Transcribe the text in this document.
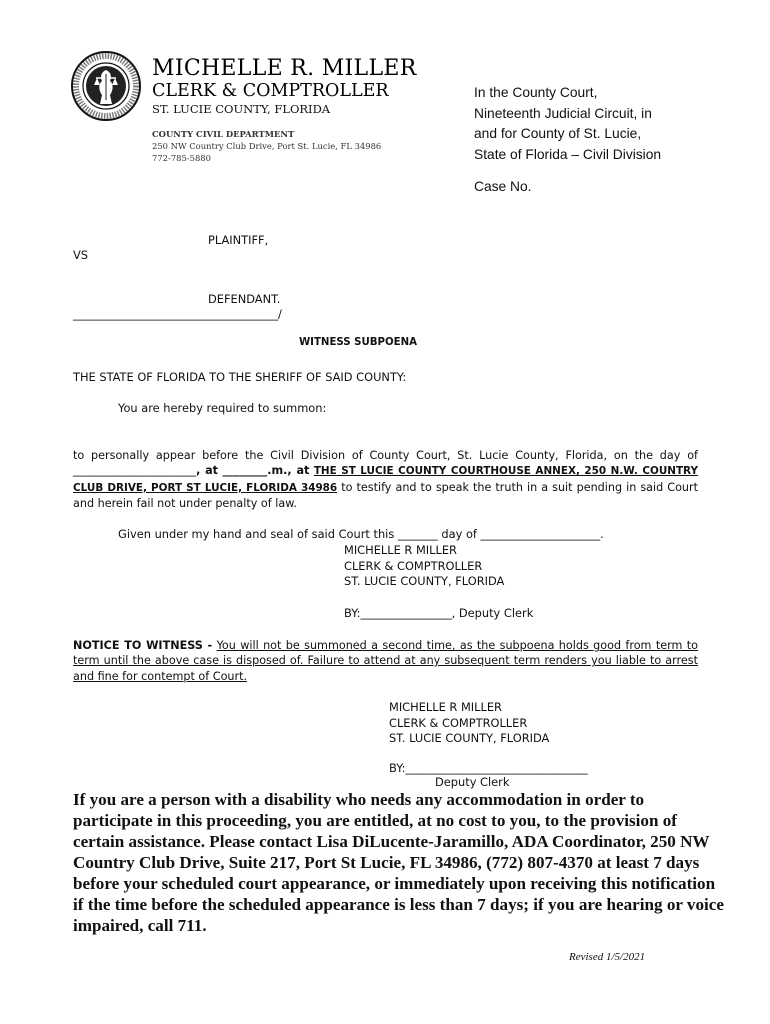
MICHELLE R. MILLER
CLERK & COMPTROLLER
ST. LUCIE COUNTY, FLORIDA
COUNTY CIVIL DEPARTMENT
250 NW Country Club Drive, Port St. Lucie, FL 34986
772-785-5880
In the County Court,
Nineteenth Judicial Circuit, in
and for County of St. Lucie,
State of Florida – Civil Division
Case No.
PLAINTIFF,
VS
DEFENDANT.
____________________________________/
WITNESS SUBPOENA
THE STATE OF FLORIDA TO THE SHERIFF OF SAID COUNTY:
You are hereby required to summon:
to personally appear before the Civil Division of County Court, St. Lucie County, Florida, on the day of ______________________, at ________.m., at THE ST LUCIE COUNTY COURTHOUSE ANNEX, 250 N.W. COUNTRY CLUB DRIVE, PORT ST LUCIE, FLORIDA 34986 to testify and to speak the truth in a suit pending in said Court and herein fail not under penalty of law.
Given under my hand and seal of said Court this _______ day of _____________________.
MICHELLE R MILLER
CLERK & COMPTROLLER
ST. LUCIE COUNTY, FLORIDA
BY:________________, Deputy Clerk
NOTICE TO WITNESS - You will not be summoned a second time, as the subpoena holds good from term to term until the above case is disposed of. Failure to attend at any subsequent term renders you liable to arrest and fine for contempt of Court.
MICHELLE R MILLER
CLERK & COMPTROLLER
ST. LUCIE COUNTY, FLORIDA
BY:________________________________
Deputy Clerk
If you are a person with a disability who needs any accommodation in order to participate in this proceeding, you are entitled, at no cost to you, to the provision of certain assistance. Please contact Lisa DiLucente-Jaramillo, ADA Coordinator, 250 NW Country Club Drive, Suite 217, Port St Lucie, FL 34986, (772) 807-4370 at least 7 days before your scheduled court appearance, or immediately upon receiving this notification if the time before the scheduled appearance is less than 7 days; if you are hearing or voice impaired, call 711.
Revised 1/5/2021
